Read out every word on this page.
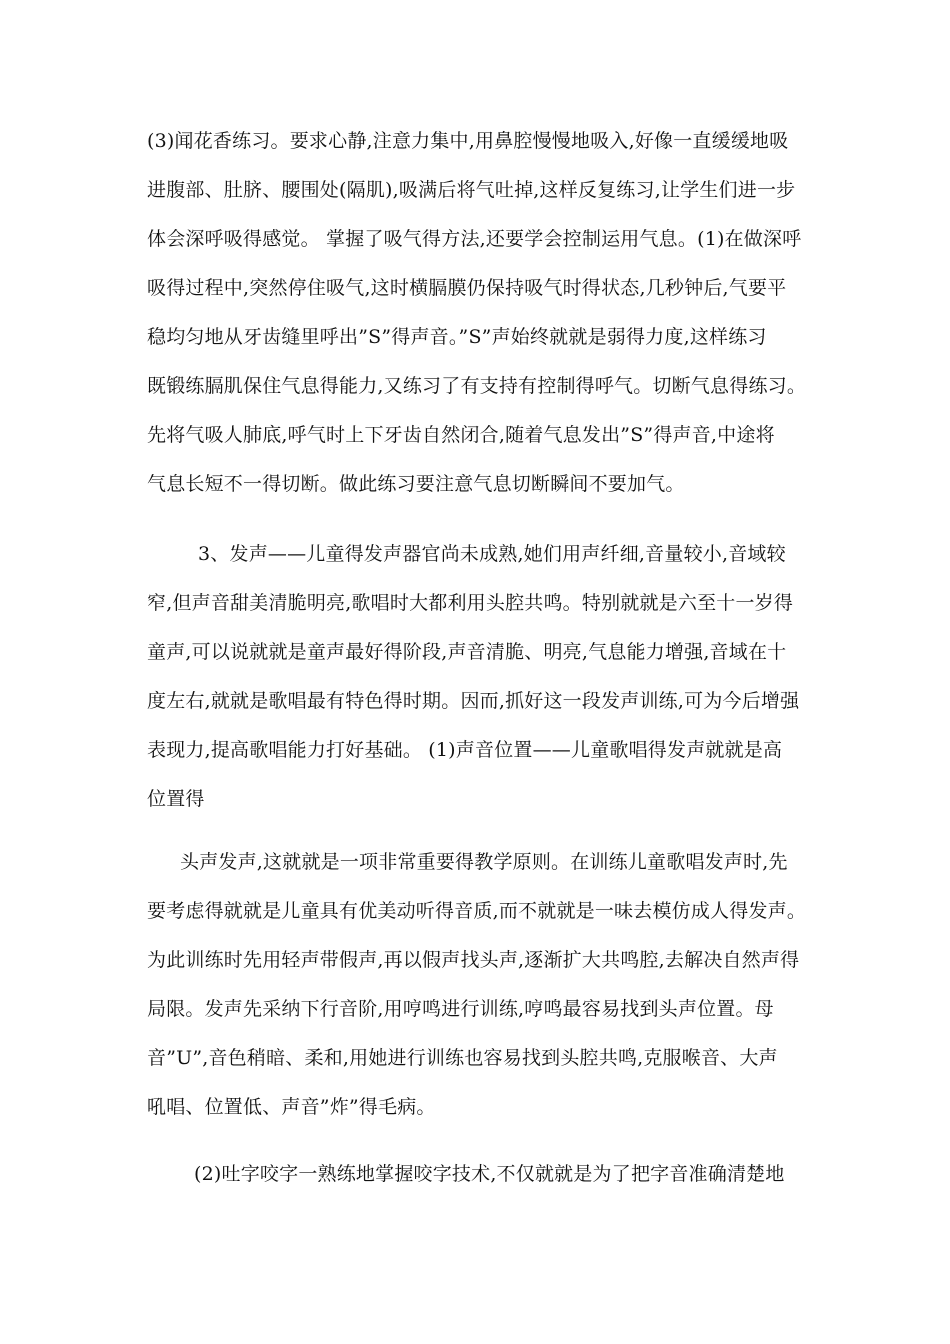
(3)闻花香练习。要求心静,注意力集中,用鼻腔慢慢地吸入,好像一直缓缓地吸
进腹部、肚脐、腰围处(隔肌),吸满后将气吐掉,这样反复练习,让学生们进一步
体会深呼吸得感觉。 掌握了吸气得方法,还要学会控制运用气息。(1)在做深呼
吸得过程中,突然停住吸气,这时横膈膜仍保持吸气时得状态,几秒钟后,气要平
稳均匀地从牙齿缝里呼出”S”得声音。”S”声始终就就是弱得力度,这样练习
既锻练膈肌保住气息得能力,又练习了有支持有控制得呼气。切断气息得练习。
先将气吸人肺底,呼气时上下牙齿自然闭合,随着气息发出”S”得声音,中途将
气息长短不一得切断。做此练习要注意气息切断瞬间不要加气。
3、发声——儿童得发声器官尚未成熟,她们用声纤细,音量较小,音域较
窄,但声音甜美清脆明亮,歌唱时大都利用头腔共鸣。特别就就是六至十一岁得
童声,可以说就就是童声最好得阶段,声音清脆、明亮,气息能力增强,音域在十
度左右,就就是歌唱最有特色得时期。因而,抓好这一段发声训练,可为今后增强
表现力,提高歌唱能力打好基础。 (1)声音位置——儿童歌唱得发声就就是高
位置得
头声发声,这就就是一项非常重要得教学原则。在训练儿童歌唱发声时,先
要考虑得就就是儿童具有优美动听得音质,而不就就是一味去模仿成人得发声。
为此训练时先用轻声带假声,再以假声找头声,逐渐扩大共鸣腔,去解决自然声得
局限。发声先采纳下行音阶,用哼鸣进行训练,哼鸣最容易找到头声位置。母
音”U”,音色稍暗、柔和,用她进行训练也容易找到头腔共鸣,克服喉音、大声
吼唱、位置低、声音”炸”得毛病。
(2)吐字咬字一熟练地掌握咬字技术,不仅就就是为了把字音准确清楚地
